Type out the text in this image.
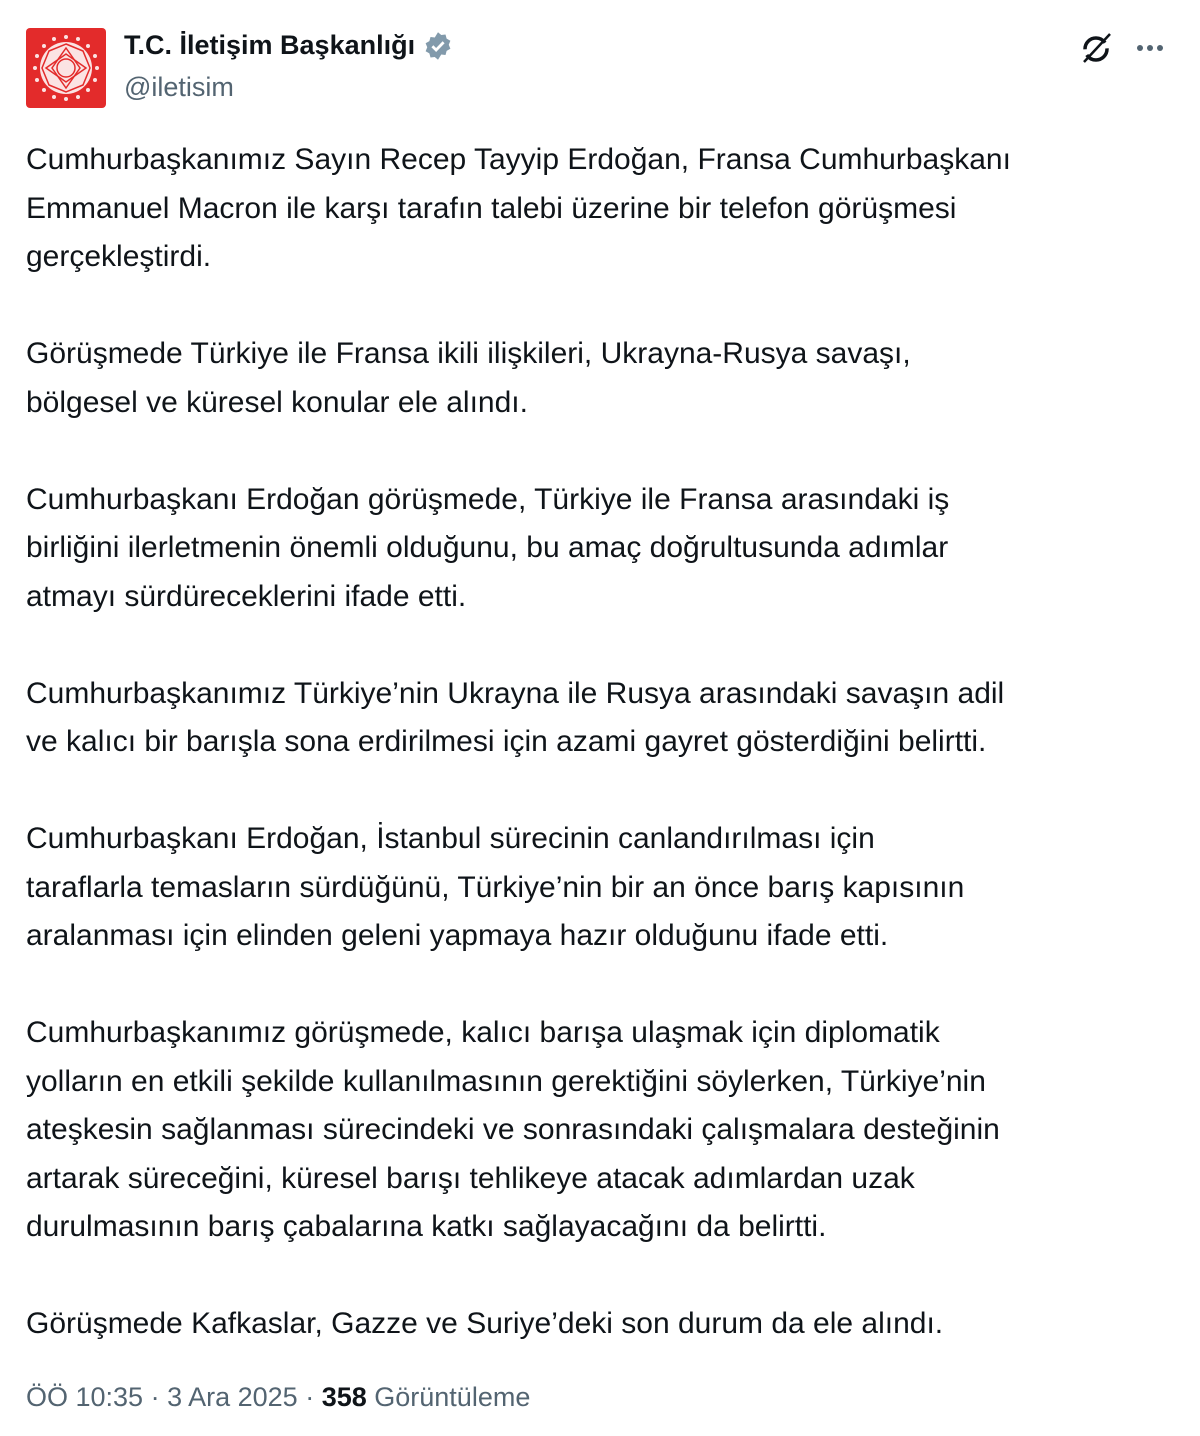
T.C. İletişim Başkanlığı
@iletisim
Cumhurbaşkanımız Sayın Recep Tayyip Erdoğan, Fransa Cumhurbaşkanı
Emmanuel Macron ile karşı tarafın talebi üzerine bir telefon görüşmesi
gerçekleştirdi.
Görüşmede Türkiye ile Fransa ikili ilişkileri, Ukrayna-Rusya savaşı,
bölgesel ve küresel konular ele alındı.
Cumhurbaşkanı Erdoğan görüşmede, Türkiye ile Fransa arasındaki iş
birliğini ilerletmenin önemli olduğunu, bu amaç doğrultusunda adımlar
atmayı sürdüreceklerini ifade etti.
Cumhurbaşkanımız Türkiye’nin Ukrayna ile Rusya arasındaki savaşın adil
ve kalıcı bir barışla sona erdirilmesi için azami gayret gösterdiğini belirtti.
Cumhurbaşkanı Erdoğan, İstanbul sürecinin canlandırılması için
taraflarla temasların sürdüğünü, Türkiye’nin bir an önce barış kapısının
aralanması için elinden geleni yapmaya hazır olduğunu ifade etti.
Cumhurbaşkanımız görüşmede, kalıcı barışa ulaşmak için diplomatik
yolların en etkili şekilde kullanılmasının gerektiğini söylerken, Türkiye’nin
ateşkesin sağlanması sürecindeki ve sonrasındaki çalışmalara desteğinin
artarak süreceğini, küresel barışı tehlikeye atacak adımlardan uzak
durulmasının barış çabalarına katkı sağlayacağını da belirtti.
Görüşmede Kafkaslar, Gazze ve Suriye’deki son durum da ele alındı.
ÖÖ 10:35 · 3 Ara 2025 · 358 Görüntüleme
